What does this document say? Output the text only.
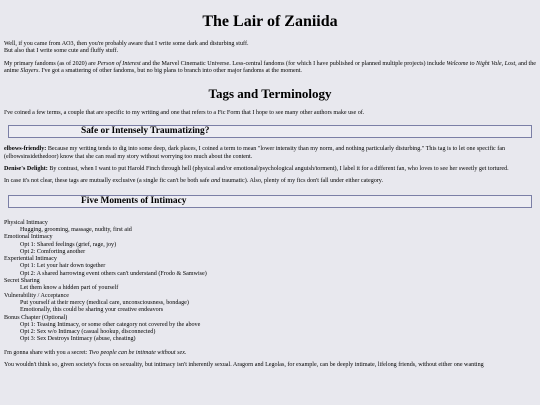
The Lair of Zaniida

Well, if you came from AO3, then you're probably aware that I write some dark and disturbing stuff.
But also that I write some cute and fluffy stuff.

My primary fandoms (as of 2020) are Person of Interest and the Marvel Cinematic Universe. Less-central fandoms (for which I have published or planned multiple projects) include Welcome to Night Vale, Lost, and the anime Slayers. I've got a smattering of other fandoms, but no big plans to branch into other major fandoms at the moment.

Tags and Terminology

I've coined a few terms, a couple that are specific to my writing and one that refers to a Fic Form that I hope to see many other authors make use of.

Safe or Intensely Traumatizing?

elbows-friendly: Because my writing tends to dig into some deep, dark places, I coined a term to mean "lower intensity than my norm, and nothing particularly disturbing." This tag is to let one specific fan (elbowsinsidethedoor) know that she can read my story without worrying too much about the content.

Denise's Delight: By contrast, when I want to put Harold Finch through hell (physical and/or emotional/psychological anguish/torment), I label it for a different fan, who loves to see her sweetly get tortured.

In case it's not clear, these tags are mutually exclusive (a single fic can't be both safe and traumatic). Also, plenty of my fics don't fall under either category.

Five Moments of Intimacy
Physical Intimacy
Hugging, grooming, massage, nudity, first aid
Emotional Intimacy
Opt 1: Shared feelings (grief, rage, joy)
Opt 2: Comforting another
Experiential Intimacy
Opt 1: Let your hair down together
Opt 2: A shared harrowing event others can't understand (Frodo & Samwise)
Secret Sharing
Let them know a hidden part of yourself
Vulnerability / Acceptance
Put yourself at their mercy (medical care, unconsciousness, bondage)
Emotionally, this could be sharing your creative endeavors
Bonus Chapter (Optional)
Opt 1: Teasing Intimacy, or some other category not covered by the above
Opt 2: Sex w/o Intimacy (casual hookup, disconnected)
Opt 3: Sex Destroys Intimacy (abuse, cheating)

I'm gonna share with you a secret: Two people can be intimate without sex.

You wouldn't think so, given society's focus on sexuality, but intimacy isn't inherently sexual. Aragorn and Legolas, for example, can be deeply intimate, lifelong friends, without either one wanting
